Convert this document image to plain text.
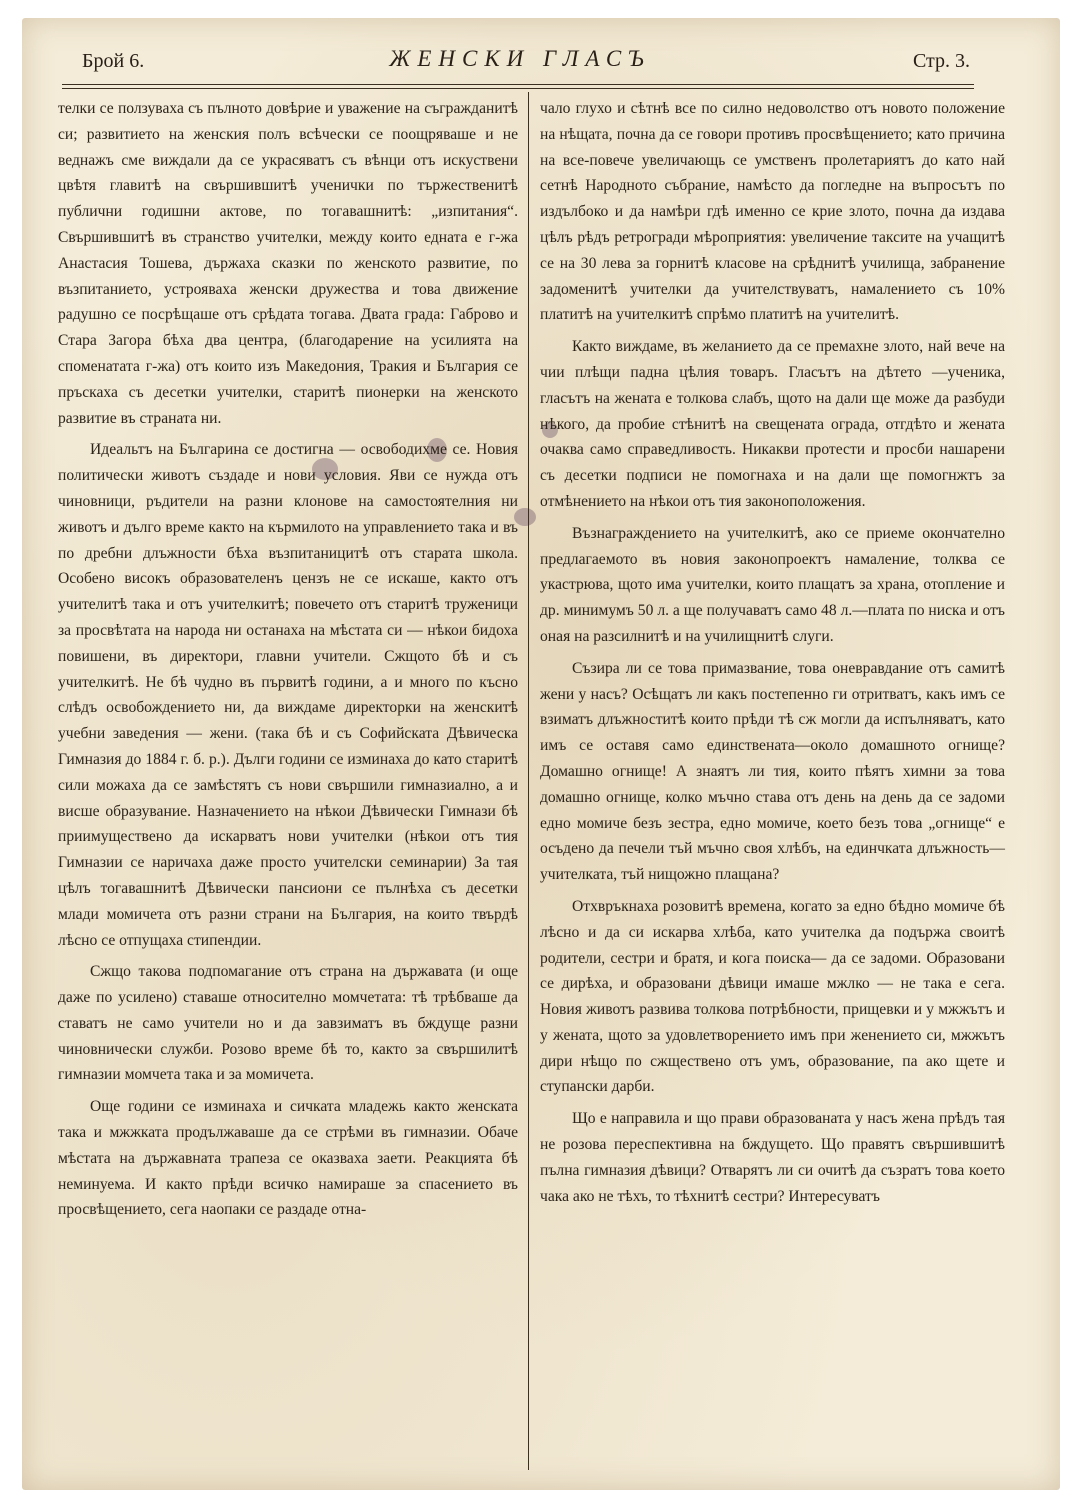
Брой 6.	ЖЕНСКИ ГЛАСЪ	Стр. 3.

телки се ползуваха съ пълното довѣрие и уважение на съгражданитѣ си; развитието на женския полъ всѣчески се поощряваше и не веднажъ сме виждали да се украсяватъ съ вѣнци отъ искуствени цвѣтя главитѣ на свършившитѣ ученички по тържественитѣ публични годишни актове, по тогавашнитѣ: „изпитания“. Свършившитѣ въ странство учителки, между които едната е г-жа Анастасия Тошева, държаха сказки по женското развитие, по възпитанието, устрояваха женски дружества и това движение радушно се посрѣщаше отъ срѣдата тогава. Двата града: Габрово и Стара Загора бѣха два центра, (благодарение на усилията на споменатата г-жа) отъ които изъ Македония, Тракия и България се пръскаха съ десетки учителки, старитѣ пионерки на женското развитие въ страната ни.

Идеальтъ на Българина се достигна — освободихме се. Новия политически животъ създаде и нови условия. Яви се нужда отъ чиновници, ръдители на разни клонове на самостоятелния ни животъ и дълго време както на кърмилото на управлението така и въ по дребни длъжности бѣха възпитаницитѣ отъ старата школа. Особено високъ образователенъ цензъ не се искаше, както отъ учителитѣ така и отъ учителкитѣ; повечето отъ старитѣ труженици за просвѣтата на народа ни останаха на мѣстата си — нѣкои бидоха повишени, въ директори, главни учители. Сжщото бѣ и съ учителкитѣ. Не бѣ чудно въ първитѣ години, а и много по късно слѣдъ освобождението ни, да виждаме директорки на женскитѣ учебни заведения — жени. (така бѣ и съ Софийската Дѣвическа Гимназия до 1884 г. б. р.). Дълги години се изминаха до като старитѣ сили можаха да се замѣстятъ съ нови свършили гимназиално, а и висше образувание. Назначението на нѣкои Дѣвически Гимнази бѣ приимуществено да искарватъ нови учителки (нѣкои отъ тия Гимназии се наричаха даже просто учителски семинарии) За тая цѣлъ тогавашнитѣ Дѣвически пансиони се пълнѣха съ десетки млади момичета отъ разни страни на България, на които твърдѣ лѣсно се отпущаха стипендии.

Сжщо такова подпомагание отъ страна на държавата (и още даже по усилено) ставаше относително момчетата: тѣ трѣбваше да ставатъ не само учители но и да завзиматъ въ бждуще разни чиновнически служби. Розово време бѣ то, както за свършилитѣ гимназии момчета така и за момичета.

Още години се изминаха и сичката младежь както женската така и мжжката продължаваше да се стрѣми въ гимназии. Обаче мѣстата на държавната трапеза се оказваха заети. Реакцията бѣ неминуема. И както прѣди всичко намираше за спасението въ просвѣщението, сега наопаки се раздаде отна-

чало глухо и сѣтнѣ все по силно недоволство отъ новото положение на нѣщата, почна да се говори противъ просвѣщението; като причина на все-повече увеличающь се умственъ пролетариятъ до като най сетнѣ Народното събрание, намѣсто да погледне на въпросътъ по издълбоко и да намѣри гдѣ именно се крие злото, почна да издава цѣлъ рѣдъ ретрогради мѣроприятия: увеличение таксите на учащитѣ се на 30 лева за горнитѣ класове на срѣднитѣ училища, забранение задоменитѣ учителки да учителствуватъ, намалението съ 10% платитѣ на учителкитѣ спрѣмо платитѣ на учителитѣ.

Както виждаме, въ желанието да се премахне злото, най вече на чии плѣщи падна цѣлия товаръ. Гласътъ на дѣтето —ученика, гласътъ на жената е толкова слабъ, щото на дали ще може да разбуди нѣкого, да пробие стѣнитѣ на свещената ограда, отгдѣто и жената очаква само справедливость. Никакви протести и просби нашарени съ десетки подписи не помогнаха и на дали ще помогнжтъ за отмѣнението на нѣкои отъ тия законоположения.

Възнаграждението на учителкитѣ, ако се приеме окончателно предлагаемото въ новия законопроектъ намаление, толква се укастрюва, щото има учителки, които плащатъ за храна, отопление и др. минимумъ 50 л. а ще получаватъ само 48 л.—плата по ниска и отъ оная на разсилнитѣ и на училищнитѣ слуги.

Съзира ли се това примазвание, това оневравдание отъ самитѣ жени у насъ? Осѣщатъ ли какъ постепенно ги отритватъ, какъ имъ се взиматъ длъжноститѣ които прѣди тѣ сж могли да испълняватъ, като имъ се оставя само единствената—около домашното огнище? Домашно огнище! А знаятъ ли тия, които пѣятъ химни за това домашно огнище, колко мъчно става отъ день на день да се задоми едно момиче безъ зестра, едно момиче, което безъ това „огнище“ е осъдено да печели тъй мъчно своя хлѣбъ, на единчката длъжность—учителката, тъй нищожно плащана?

Отхвръкнаха розовитѣ времена, когато за едно бѣдно момиче бѣ лѣсно и да си искарва хлѣба, като учителка да подържа своитѣ родители, сестри и братя, и кога поиска— да се задоми. Образовани се дирѣха, и образовани дѣвици имаше мжлко — не така е сега. Новия животъ развива толкова потрѣбности, прищевки и у мжжътъ и у жената, щото за удовлетворението имъ при женението си, мжжътъ дири нѣщо по сжществено отъ умъ, образование, па ако щете и ступански дарби.

Що е направила и що прави образованата у насъ жена прѣдъ тая не розова переспективна на бждущето. Що правятъ свършившитѣ пълна гимназия дѣвици? Отварятъ ли си очитѣ да съзратъ това което чака ако не тѣхъ, то тѣхнитѣ сестри? Интересуватъ
